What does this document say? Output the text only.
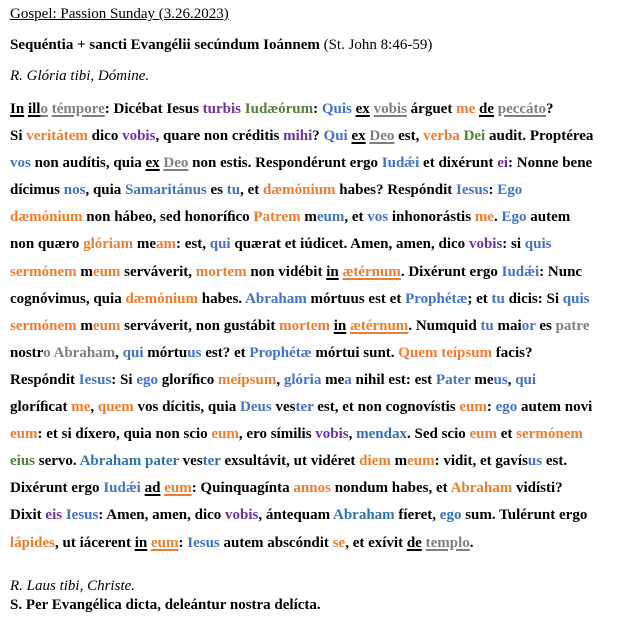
Gospel: Passion Sunday (3.26.2023)
Sequéntia + sancti Evangélii secúndum Ioánnem (St. John 8:46-59)
R. Glória tibi, Dómine.
In illo témpore: Dicébat Iesus turbis Iudæórum: Quis ex vobis árguet me de peccáto?
Si veritátem dico vobis, quare non créditis mihi? Qui ex Deo est, verba Dei audit. Proptérea
vos non audítis, quia ex Deo non estis. Respondérunt ergo Iudǽi et dixérunt ei: Nonne bene
dícimus nos, quia Samaritánus es tu, et dæmónium habes? Respóndit Iesus: Ego
dæmónium non hábeo, sed honoríﬁco Patrem meum, et vos inhonorástis me. Ego autem
non quæro glóriam meam: est, qui quærat et iúdicet. Amen, amen, dico vobis: si quis
sermónem meum serváverit, mortem non vidébit in ætérnum. Dixérunt ergo Iudǽi: Nunc
cognóvimus, quia dæmónium habes. Abraham mórtuus est et Prophétæ; et tu dicis: Si quis
sermónem meum serváverit, non gustábit mortem in ætérnum. Numquid tu maior es patre
nostro Abraham, qui mórtuus est? et Prophétæ mórtui sunt. Quem teípsum facis?
Respóndit Iesus: Si ego gloríﬁco meípsum, glória mea nihil est: est Pater meus, qui
gloríﬁcat me, quem vos dícitis, quia Deus vester est, et non cognovístis eum: ego autem novi
eum: et si díxero, quia non scio eum, ero símilis vobis, mendax. Sed scio eum et sermónem
eius servo. Abraham pater vester exsultávit, ut vidéret diem meum: vidit, et gavísus est.
Dixérunt ergo Iudǽi ad eum: Quinquagínta annos nondum habes, et Abraham vidísti?
Dixit eis Iesus: Amen, amen, dico vobis, ántequam Abraham fíeret, ego sum. Tulérunt ergo
lápides, ut iácerent in eum: Iesus autem abscóndit se, et exívit de templo.
R. Laus tibi, Christe.
S. Per Evangélica dicta, deleántur nostra delícta.
